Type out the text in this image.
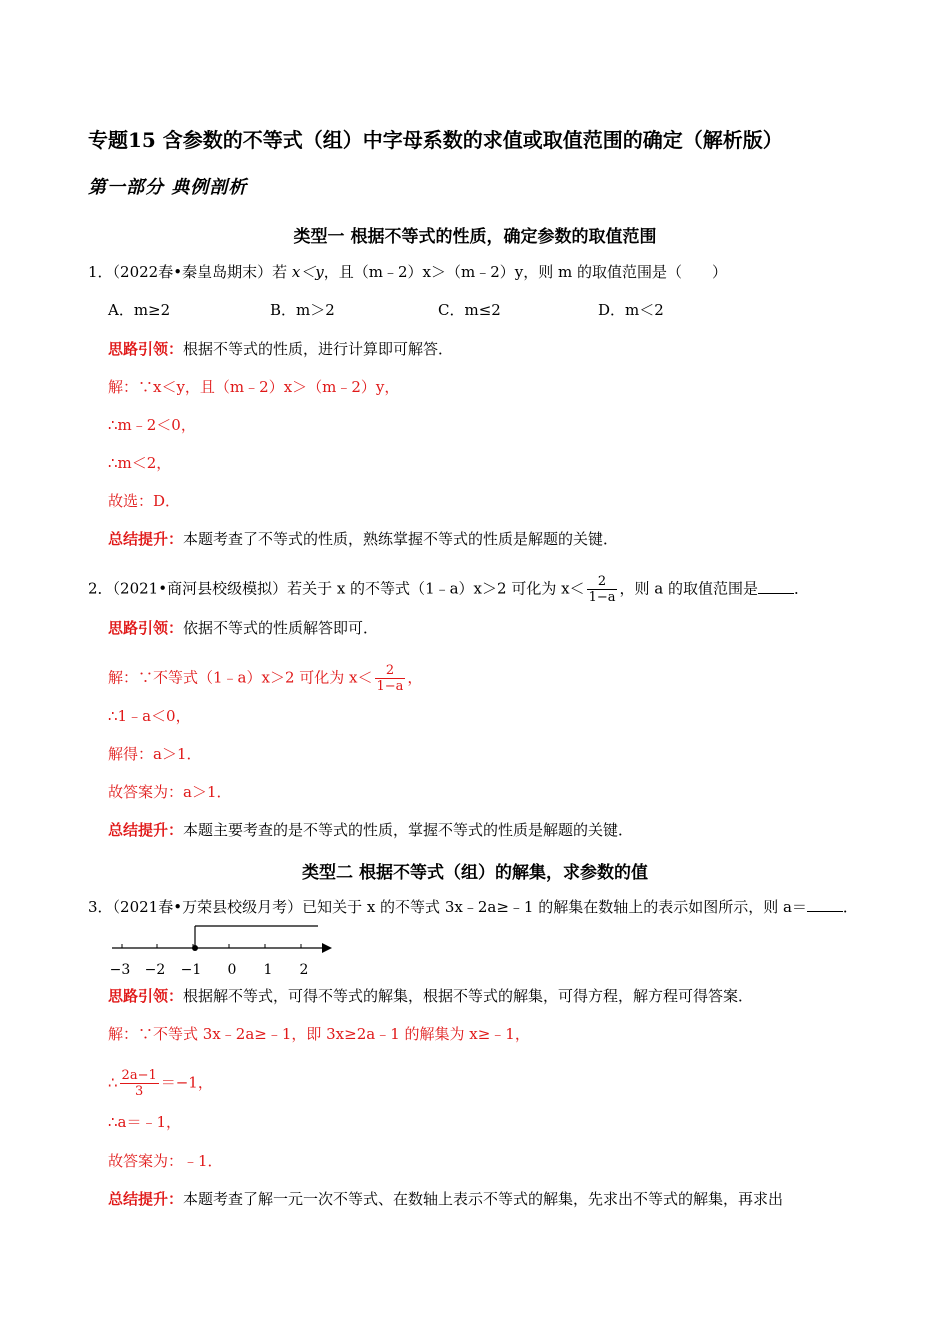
专题15 含参数的不等式（组）中字母系数的求值或取值范围的确定（解析版）
第一部分 典例剖析
类型一 根据不等式的性质，确定参数的取值范围
1．（2022春•秦皇岛期末）若 x＜y，且（m﹣2）x＞（m﹣2）y，则 m 的取值范围是（　　）
A．m≥2	B．m＞2	C．m≤2	D．m＜2
思路引领：根据不等式的性质，进行计算即可解答．
解：∵x＜y，且（m﹣2）x＞（m﹣2）y，
∴m﹣2＜0，
∴m＜2，
故选：D．
总结提升：本题考查了不等式的性质，熟练掌握不等式的性质是解题的关键．
2．（2021•商河县校级模拟）若关于 x 的不等式（1﹣a）x＞2 可化为 $x< \frac{2}{1-a}$ ，则 a 的取值范围是 ．
思路引领：依据不等式的性质解答即可．
解：∵不等式（1﹣a）x＞2 可化为 $x< \frac{2}{1-a}$ ，
∴1﹣a＜0，
解得：a＞1．
故答案为：a＞1．
总结提升：本题主要考查的是不等式的性质，掌握不等式的性质是解题的关键．
类型二 根据不等式（组）的解集，求参数的值
3．（2021春•万荣县校级月考）已知关于 x 的不等式 3x﹣2a≥﹣1 的解集在数轴上的表示如图所示，则 a＝ ．
−3 −2 −1 0 1 2
思路引领：根据解不等式，可得不等式的解集，根据不等式的解集，可得方程，解方程可得答案．
解：∵不等式 3x﹣2a≥﹣1，即 3x≥2a﹣1 的解集为 x≥﹣1，
∴ $\frac{2a-1}{3} =-1$，
∴a＝﹣1，
故答案为：﹣1．
总结提升：本题考查了解一元一次不等式、在数轴上表示不等式的解集，先求出不等式的解集，再求出
